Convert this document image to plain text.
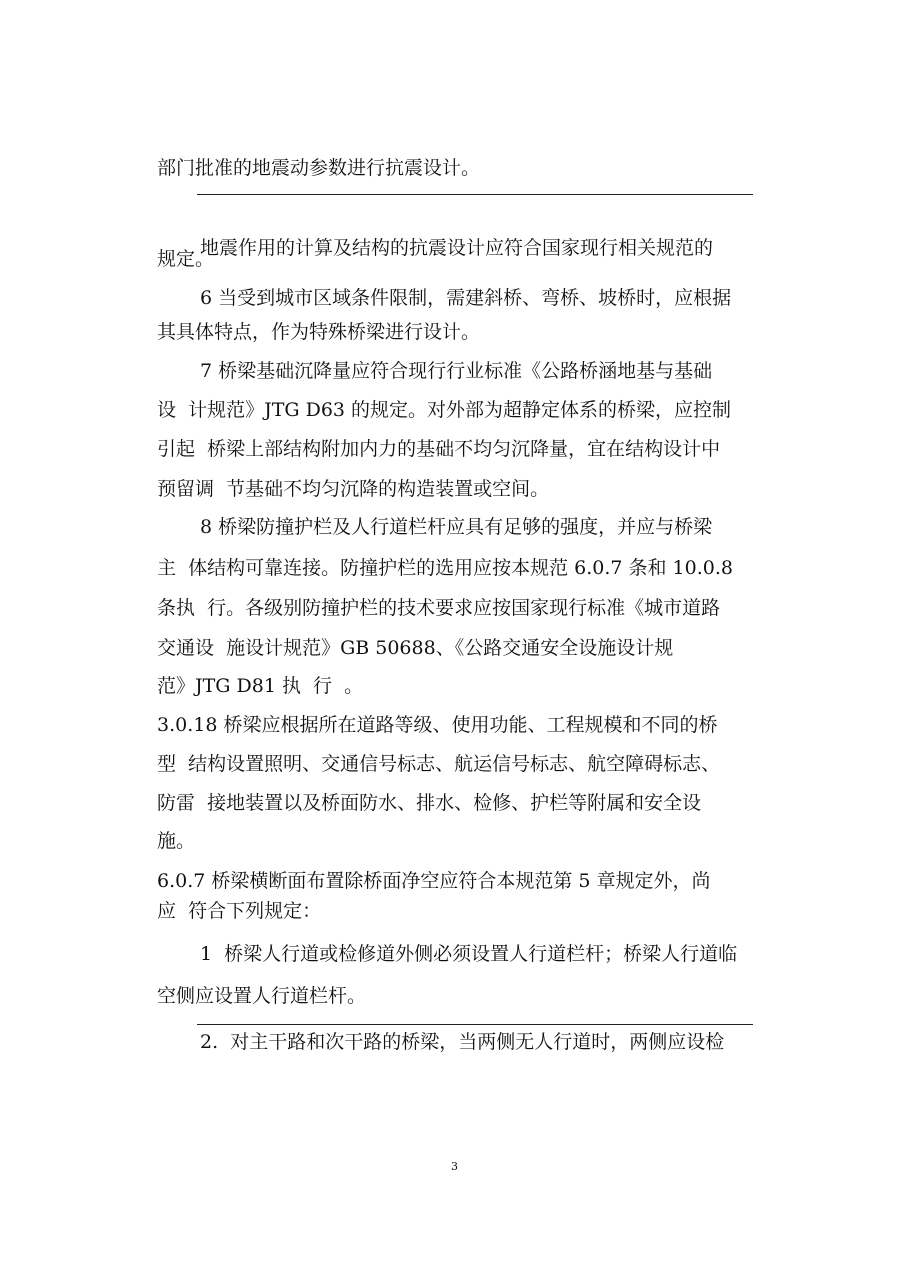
部门批准的地震动参数进行抗震设计。

地震作用的计算及结构的抗震设计应符合国家现行相关规范的

规定。

6 当受到城市区域条件限制，需建斜桥、弯桥、坡桥时，应根据

其具体特点，作为特殊桥梁进行设计。

7 桥梁基础沉降量应符合现行行业标准《公路桥涵地基与基础

设  计规范》JTG D63 的规定。对外部为超静定体系的桥梁，应控制

引起  桥梁上部结构附加内力的基础不均匀沉降量，宜在结构设计中

预留调  节基础不均匀沉降的构造装置或空间。

8 桥梁防撞护栏及人行道栏杆应具有足够的强度，并应与桥梁

主  体结构可靠连接。防撞护栏的选用应按本规范 6.0.7 条和 10.0.8

条执  行。各级别防撞护栏的技术要求应按国家现行标准《城市道路

交通设  施设计规范》GB 50688、《公路交通安全设施设计规

范》JTG D81 执  行  。

3.0.18 桥梁应根据所在道路等级、使用功能、工程规模和不同的桥

型  结构设置照明、交通信号标志、航运信号标志、航空障碍标志、

防雷  接地装置以及桥面防水、排水、检修、护栏等附属和安全设

施。

6.0.7 桥梁横断面布置除桥面净空应符合本规范第 5 章规定外，尚

应  符合下列规定：

1  桥梁人行道或检修道外侧必须设置人行道栏杆；桥梁人行道临

空侧应设置人行道栏杆。

2.  对主干路和次干路的桥梁，当两侧无人行道时，两侧应设检

3
